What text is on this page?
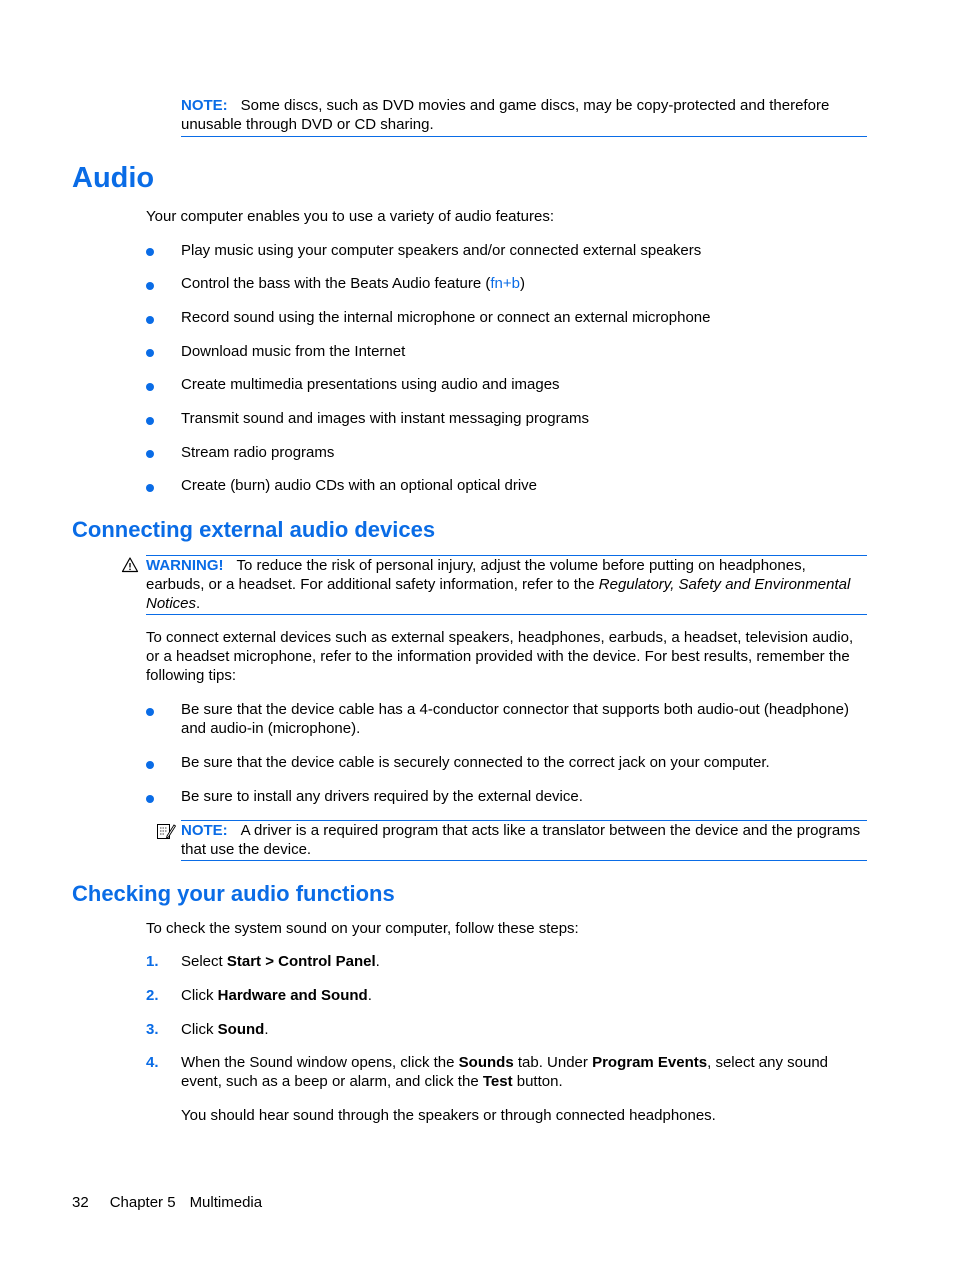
NOTE: Some discs, such as DVD movies and game discs, may be copy-protected and therefore unusable through DVD or CD sharing.
Audio
Your computer enables you to use a variety of audio features:
Play music using your computer speakers and/or connected external speakers
Control the bass with the Beats Audio feature (fn+b)
Record sound using the internal microphone or connect an external microphone
Download music from the Internet
Create multimedia presentations using audio and images
Transmit sound and images with instant messaging programs
Stream radio programs
Create (burn) audio CDs with an optional optical drive
Connecting external audio devices
WARNING! To reduce the risk of personal injury, adjust the volume before putting on headphones, earbuds, or a headset. For additional safety information, refer to the Regulatory, Safety and Environmental Notices.
To connect external devices such as external speakers, headphones, earbuds, a headset, television audio, or a headset microphone, refer to the information provided with the device. For best results, remember the following tips:
Be sure that the device cable has a 4-conductor connector that supports both audio-out (headphone) and audio-in (microphone).
Be sure that the device cable is securely connected to the correct jack on your computer.
Be sure to install any drivers required by the external device.
NOTE: A driver is a required program that acts like a translator between the device and the programs that use the device.
Checking your audio functions
To check the system sound on your computer, follow these steps:
1. Select Start > Control Panel.
2. Click Hardware and Sound.
3. Click Sound.
4. When the Sound window opens, click the Sounds tab. Under Program Events, select any sound event, such as a beep or alarm, and click the Test button.
You should hear sound through the speakers or through connected headphones.
32 Chapter 5 Multimedia
